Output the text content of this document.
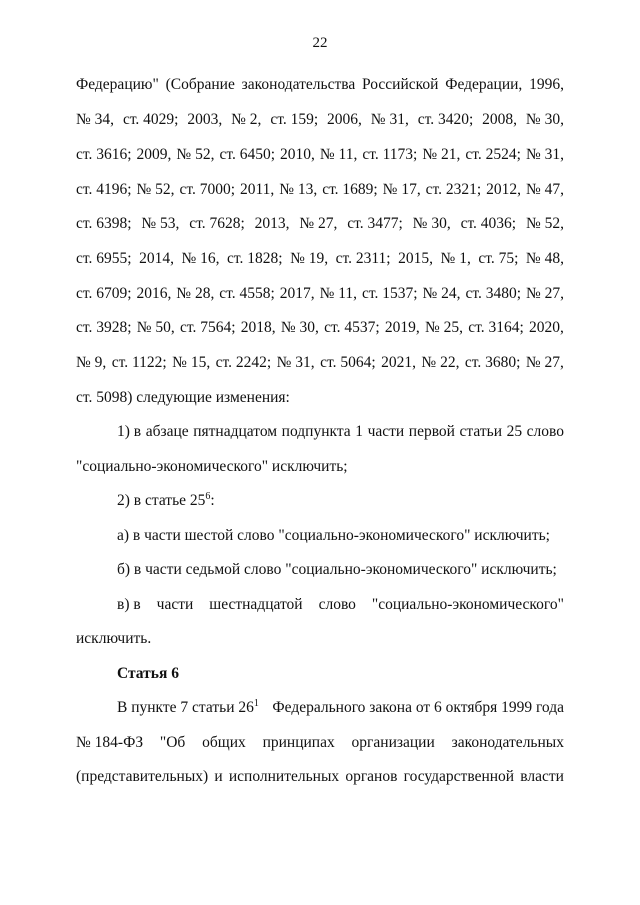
22
Федерацию" (Собрание законодательства Российской Федерации, 1996,
№ 34, ст. 4029; 2003, № 2, ст. 159; 2006, № 31, ст. 3420; 2008, № 30,
ст. 3616; 2009, № 52, ст. 6450; 2010, № 11, ст. 1173; № 21, ст. 2524; № 31,
ст. 4196; № 52, ст. 7000; 2011, № 13, ст. 1689; № 17, ст. 2321; 2012, № 47,
ст. 6398; № 53, ст. 7628; 2013, № 27, ст. 3477; № 30, ст. 4036; № 52,
ст. 6955; 2014, № 16, ст. 1828; № 19, ст. 2311; 2015, № 1, ст. 75; № 48,
ст. 6709; 2016, № 28, ст. 4558; 2017, № 11, ст. 1537; № 24, ст. 3480; № 27,
ст. 3928; № 50, ст. 7564; 2018, № 30, ст. 4537; 2019, № 25, ст. 3164; 2020,
№ 9, ст. 1122; № 15, ст. 2242; № 31, ст. 5064; 2021, № 22, ст. 3680; № 27,
ст. 5098) следующие изменения:
1) в абзаце пятнадцатом подпункта 1 части первой статьи 25 слово
"социально-экономического" исключить;
2) в статье $25^6$:
а) в части шестой слово "социально-экономического" исключить;
б) в части седьмой слово "социально-экономического" исключить;
в) в части шестнадцатой слово "социально-экономического"
исключить.
Статья 6
В пункте 7 статьи $26^1$ Федерального закона от 6 октября 1999 года
№ 184-ФЗ "Об общих принципах организации законодательных
(представительных) и исполнительных органов государственной власти
